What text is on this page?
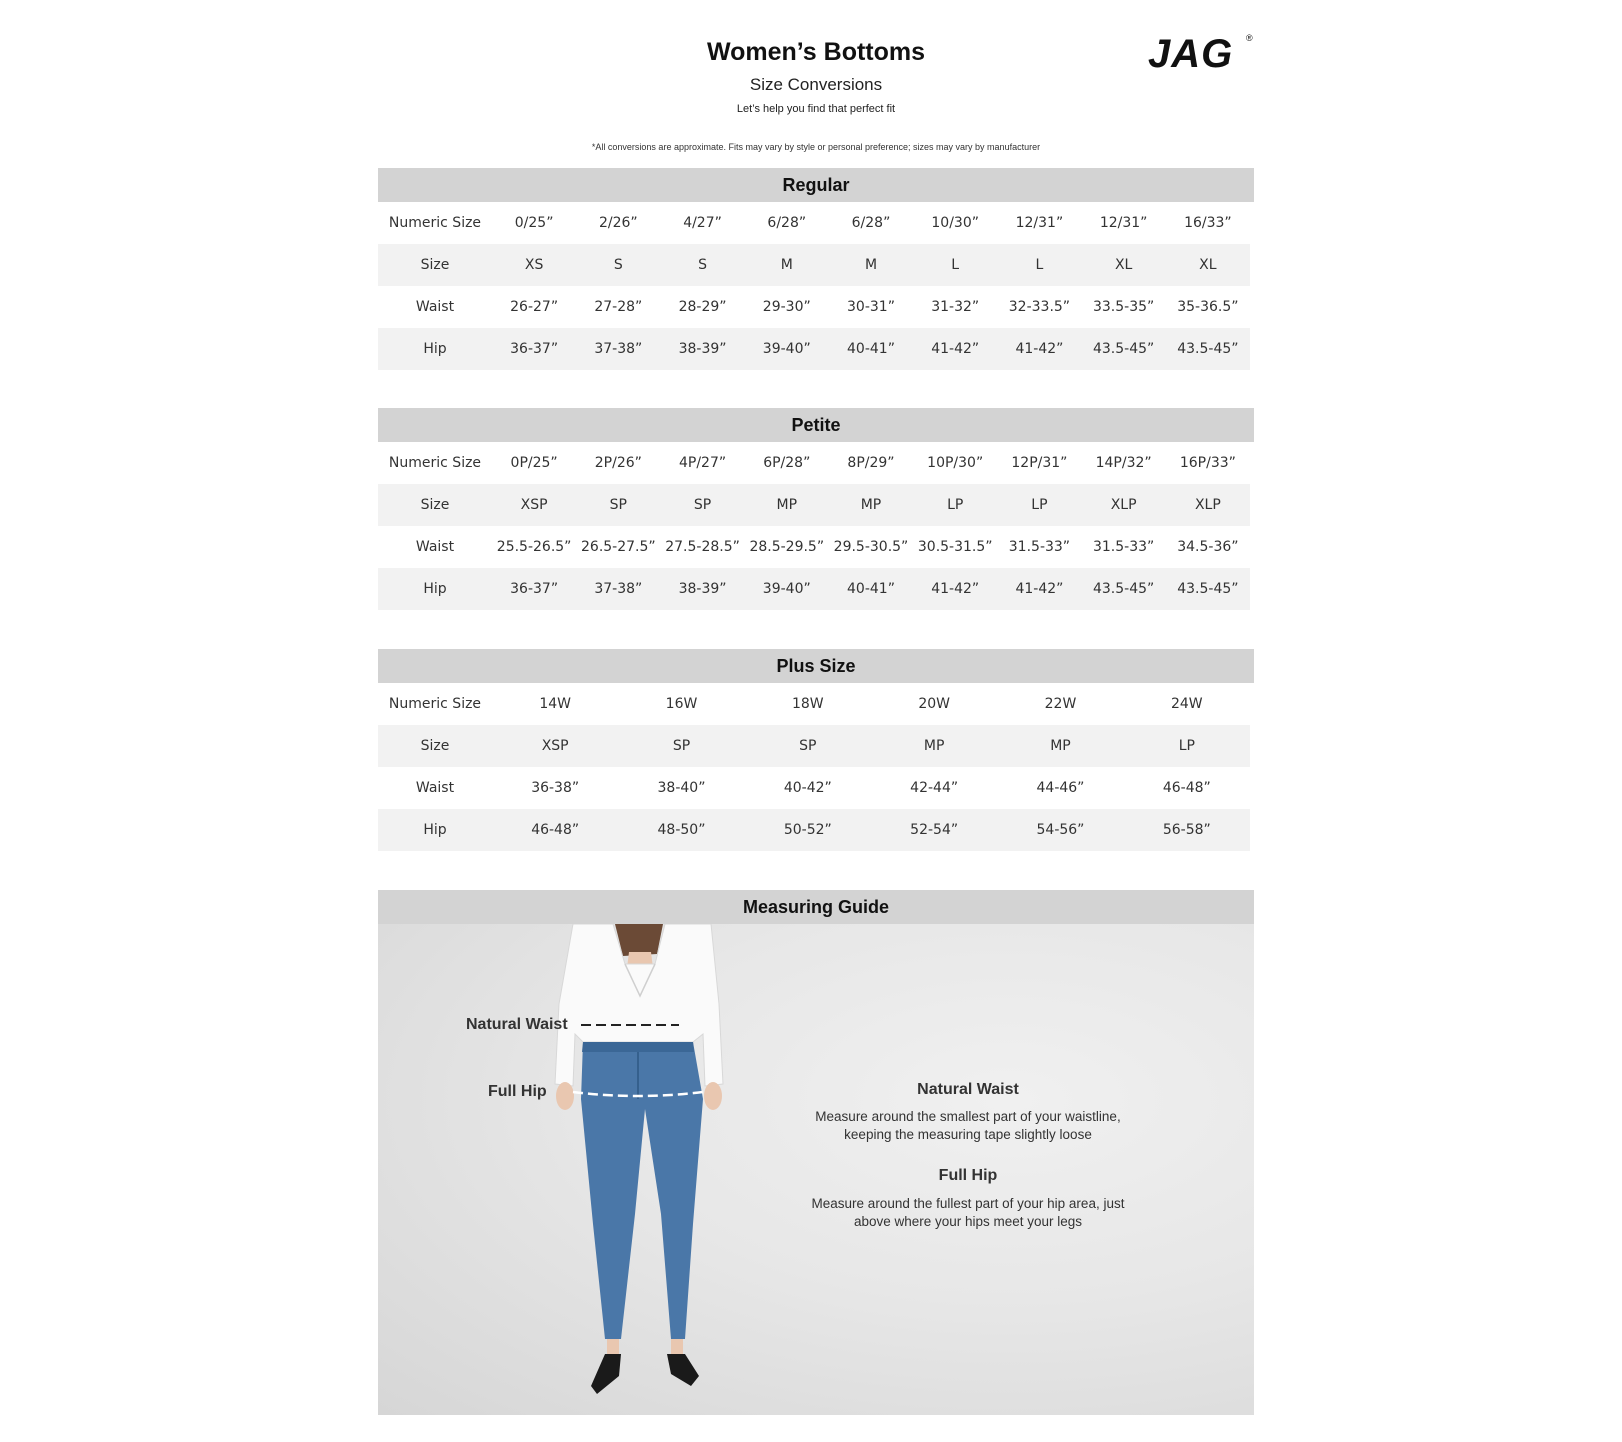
Women’s Bottoms
Size Conversions
Let’s help you find that perfect fit
*All conversions are approximate. Fits may vary by style or personal preference; sizes may vary by manufacturer
JAG ®
Regular
Numeric Size	0/25”	2/26”	4/27”	6/28”	6/28”	10/30”	12/31”	12/31”	16/33”
Size	XS	S	S	M	M	L	L	XL	XL
Waist	26-27”	27-28”	28-29”	29-30”	30-31”	31-32”	32-33.5”	33.5-35”	35-36.5”
Hip	36-37”	37-38”	38-39”	39-40”	40-41”	41-42”	41-42”	43.5-45”	43.5-45”
Petite
Numeric Size	0P/25”	2P/26”	4P/27”	6P/28”	8P/29”	10P/30”	12P/31”	14P/32”	16P/33”
Size	XSP	SP	SP	MP	MP	LP	LP	XLP	XLP
Waist	25.5-26.5”	26.5-27.5”	27.5-28.5”	28.5-29.5”	29.5-30.5”	30.5-31.5”	31.5-33”	31.5-33”	34.5-36”
Hip	36-37”	37-38”	38-39”	39-40”	40-41”	41-42”	41-42”	43.5-45”	43.5-45”
Plus Size
Numeric Size	14W	16W	18W	20W	22W	24W
Size	XSP	SP	SP	MP	MP	LP
Waist	36-38”	38-40”	40-42”	42-44”	44-46”	46-48”
Hip	46-48”	48-50”	50-52”	52-54”	54-56”	56-58”
Measuring Guide
Natural Waist
Full Hip	Natural Waist
Measure around the smallest part of your waistline,
keeping the measuring tape slightly loose
Full Hip
Measure around the fullest part of your hip area, just
above where your hips meet your legs
